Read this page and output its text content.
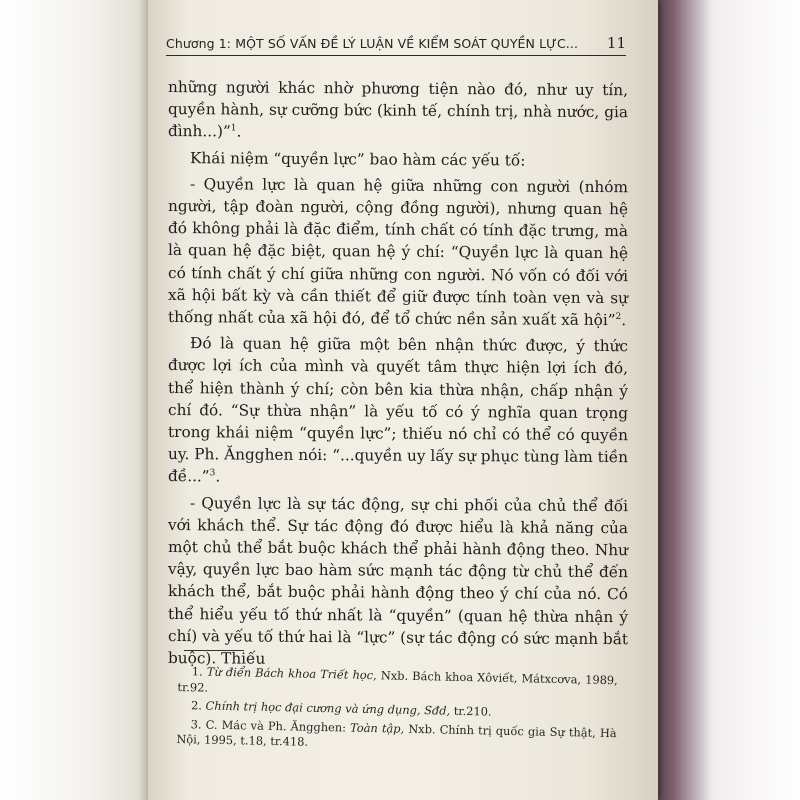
Chương 1: MỘT SỐ VẤN ĐỀ LÝ LUẬN VỀ KIỂM SOÁT QUYỀN LỰC... 11

những người khác nhờ phương tiện nào đó, như uy tín, quyền hành, sự cưỡng bức (kinh tế, chính trị, nhà nước, gia đình...)”$^1$.

Khái niệm “quyền lực” bao hàm các yếu tố:

- Quyền lực là quan hệ giữa những con người (nhóm người, tập đoàn người, cộng đồng người), nhưng quan hệ đó không phải là đặc điểm, tính chất có tính đặc trưng, mà là quan hệ đặc biệt, quan hệ ý chí: “Quyền lực là quan hệ có tính chất ý chí giữa những con người. Nó vốn có đối với xã hội bất kỳ và cần thiết để giữ được tính toàn vẹn và sự thống nhất của xã hội đó, để tổ chức nền sản xuất xã hội”$^2$.

Đó là quan hệ giữa một bên nhận thức được, ý thức được lợi ích của mình và quyết tâm thực hiện lợi ích đó, thể hiện thành ý chí; còn bên kia thừa nhận, chấp nhận ý chí đó. “Sự thừa nhận” là yếu tố có ý nghĩa quan trọng trong khái niệm “quyền lực”; thiếu nó chỉ có thể có quyền uy. Ph. Ăngghen nói: “...quyền uy lấy sự phục tùng làm tiền đề...”$^3$.

- Quyền lực là sự tác động, sự chi phối của chủ thể đối với khách thể. Sự tác động đó được hiểu là khả năng của một chủ thể bắt buộc khách thể phải hành động theo. Như vậy, quyền lực bao hàm sức mạnh tác động từ chủ thể đến khách thể, bắt buộc phải hành động theo ý chí của nó. Có thể hiểu yếu tố thứ nhất là “quyền” (quan hệ thừa nhận ý chí) và yếu tố thứ hai là “lực” (sự tác động có sức mạnh bắt buộc). Thiếu

1. Từ điển Bách khoa Triết học, Nxb. Bách khoa Xôviết, Mátxcơva, 1989, tr.92.

2. Chính trị học đại cương và ứng dụng, Sđd, tr.210.

3. C. Mác và Ph. Ăngghen: Toàn tập, Nxb. Chính trị quốc gia Sự thật, Hà Nội, 1995, t.18, tr.418.
